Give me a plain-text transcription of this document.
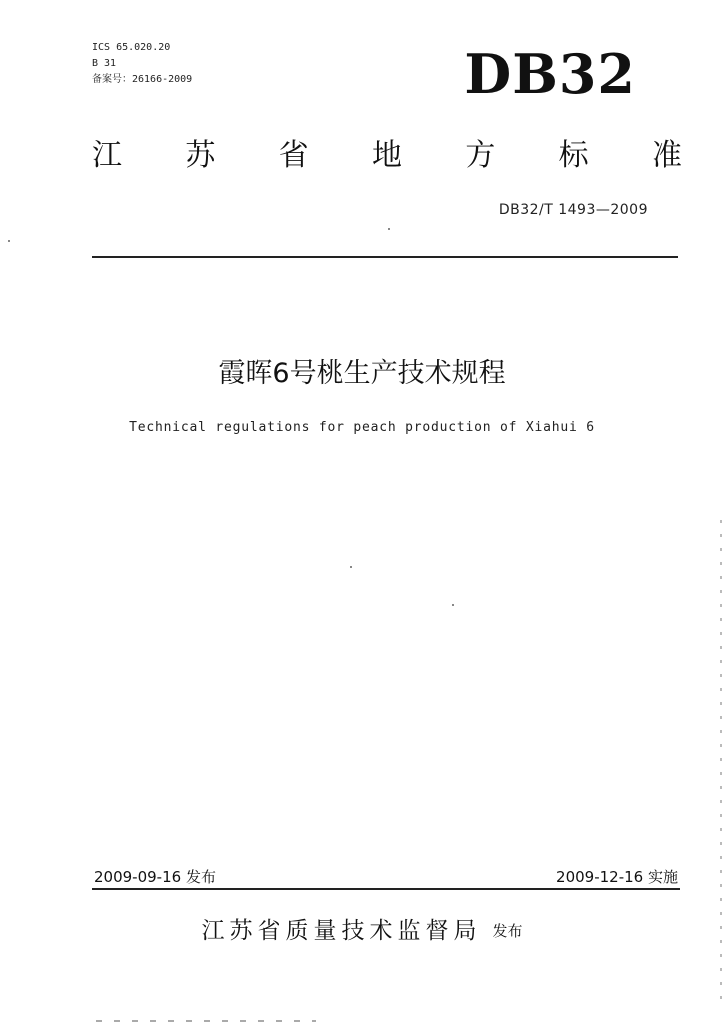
ICS 65.020.20
B 31
备案号：26166-2009	DB32
江 苏 省 地 方 标 准
DB32/T 1493—2009
霞晖6号桃生产技术规程
Technical regulations for peach production of Xiahui 6
2009-09-16 发布	2009-12-16 实施
江苏省质量技术监督局 发布
